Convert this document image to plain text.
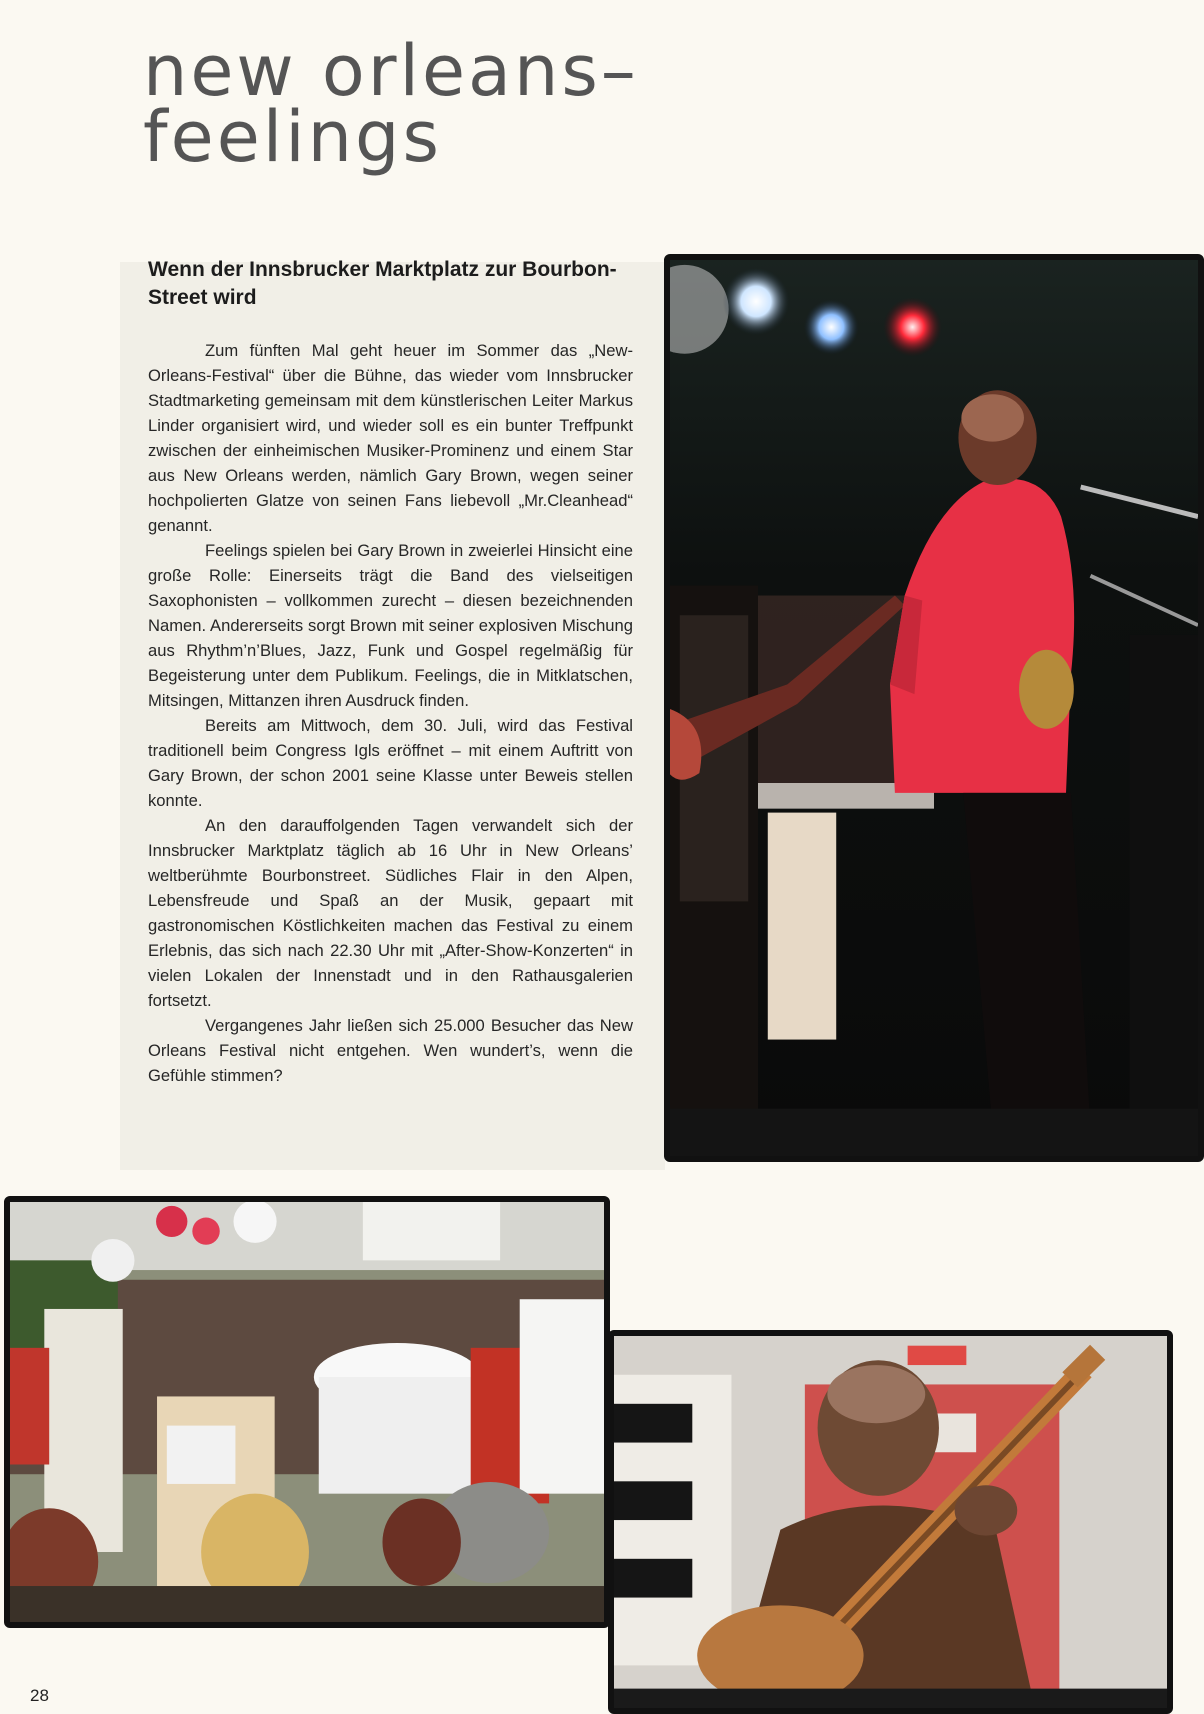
new orleans–
feelings
Wenn der Innsbrucker Marktplatz zur Bourbon-Street wird

Zum fünften Mal geht heuer im Sommer das „New-Orleans-Festival“ über die Bühne, das wieder vom Innsbrucker Stadtmarketing gemeinsam mit dem künstlerischen Leiter Markus Linder organisiert wird, und wieder soll es ein bunter Treffpunkt zwischen der einheimischen Musiker-Prominenz und einem Star aus New Orleans werden, nämlich Gary Brown, wegen seiner hochpolierten Glatze von seinen Fans liebevoll „Mr.Cleanhead“ genannt.

Feelings spielen bei Gary Brown in zweierlei Hinsicht eine große Rolle: Einerseits trägt die Band des vielseitigen Saxophonisten – vollkommen zurecht – diesen bezeichnenden Namen. Andererseits sorgt Brown mit seiner explosiven Mischung aus Rhythm’n’Blues, Jazz, Funk und Gospel regelmäßig für Begeisterung unter dem Publikum. Feelings, die in Mitklatschen, Mitsingen, Mittanzen ihren Ausdruck finden.

Bereits am Mittwoch, dem 30. Juli, wird das Festival traditionell beim Congress Igls eröffnet – mit einem Auftritt von Gary Brown, der schon 2001 seine Klasse unter Beweis stellen konnte.

An den darauffolgenden Tagen verwandelt sich der Innsbrucker Marktplatz täglich ab 16 Uhr in New Orleans’ weltberühmte Bourbonstreet. Südliches Flair in den Alpen, Lebensfreude und Spaß an der Musik, gepaart mit gastronomischen Köstlichkeiten machen das Festival zu einem Erlebnis, das sich nach 22.30 Uhr mit „After-Show-Konzerten“ in vielen Lokalen der Innenstadt und in den Rathausgalerien fortsetzt.

Vergangenes Jahr ließen sich 25.000 Besucher das New Orleans Festival nicht entgehen. Wen wundert’s, wenn die Gefühle stimmen?

28
